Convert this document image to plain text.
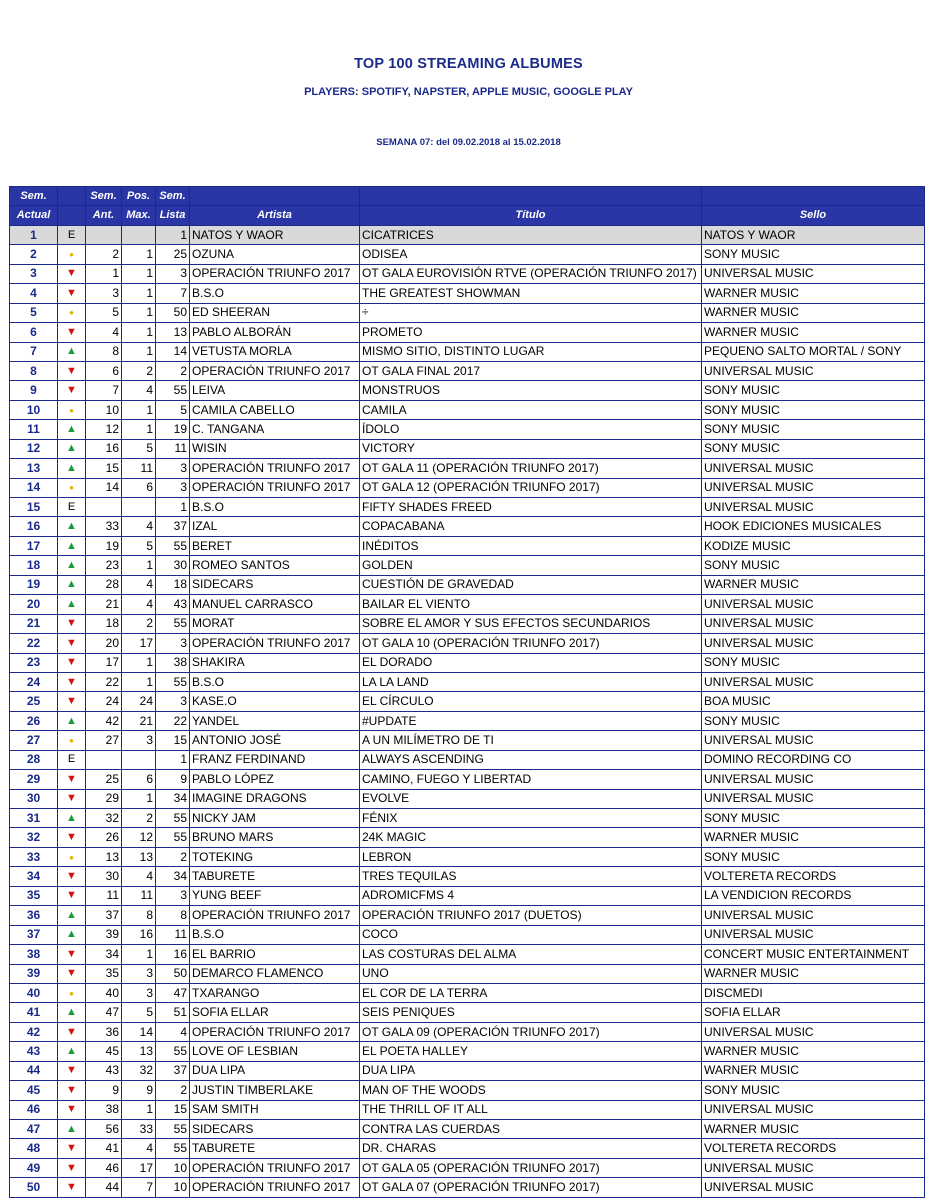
TOP 100 STREAMING ALBUMES
PLAYERS: SPOTIFY, NAPSTER, APPLE MUSIC, GOOGLE PLAY
SEMANA 07: del 09.02.2018 al 15.02.2018
Sem.		Sem.	Pos.	Sem.			
Actual		Ant.	Max.	Lista	Artista	Título	Sello
1	E			1	NATOS Y WAOR	CICATRICES	NATOS Y WAOR
2	●	2	1	25	OZUNA	ODISEA	SONY MUSIC
3	▼	1	1	3	OPERACIÓN TRIUNFO 2017	OT GALA EUROVISIÓN RTVE (OPERACIÓN TRIUNFO 2017)	UNIVERSAL MUSIC
4	▼	3	1	7	B.S.O	THE GREATEST SHOWMAN	WARNER MUSIC
5	●	5	1	50	ED SHEERAN	÷	WARNER MUSIC
6	▼	4	1	13	PABLO ALBORÁN	PROMETO	WARNER MUSIC
7	▲	8	1	14	VETUSTA MORLA	MISMO SITIO, DISTINTO LUGAR	PEQUENO SALTO MORTAL / SONY
8	▼	6	2	2	OPERACIÓN TRIUNFO 2017	OT GALA FINAL 2017	UNIVERSAL MUSIC
9	▼	7	4	55	LEIVA	MONSTRUOS	SONY MUSIC
10	●	10	1	5	CAMILA CABELLO	CAMILA	SONY MUSIC
11	▲	12	1	19	C. TANGANA	ÍDOLO	SONY MUSIC
12	▲	16	5	11	WISIN	VICTORY	SONY MUSIC
13	▲	15	11	3	OPERACIÓN TRIUNFO 2017	OT GALA 11 (OPERACIÓN TRIUNFO 2017)	UNIVERSAL MUSIC
14	●	14	6	3	OPERACIÓN TRIUNFO 2017	OT GALA 12 (OPERACIÓN TRIUNFO 2017)	UNIVERSAL MUSIC
15	E			1	B.S.O	FIFTY SHADES FREED	UNIVERSAL MUSIC
16	▲	33	4	37	IZAL	COPACABANA	HOOK EDICIONES MUSICALES
17	▲	19	5	55	BERET	INÉDITOS	KODIZE MUSIC
18	▲	23	1	30	ROMEO SANTOS	GOLDEN	SONY MUSIC
19	▲	28	4	18	SIDECARS	CUESTIÓN DE GRAVEDAD	WARNER MUSIC
20	▲	21	4	43	MANUEL CARRASCO	BAILAR EL VIENTO	UNIVERSAL MUSIC
21	▼	18	2	55	MORAT	SOBRE EL AMOR Y SUS EFECTOS SECUNDARIOS	UNIVERSAL MUSIC
22	▼	20	17	3	OPERACIÓN TRIUNFO 2017	OT GALA 10 (OPERACIÓN TRIUNFO 2017)	UNIVERSAL MUSIC
23	▼	17	1	38	SHAKIRA	EL DORADO	SONY MUSIC
24	▼	22	1	55	B.S.O	LA LA LAND	UNIVERSAL MUSIC
25	▼	24	24	3	KASE.O	EL CÍRCULO	BOA MUSIC
26	▲	42	21	22	YANDEL	#UPDATE	SONY MUSIC
27	●	27	3	15	ANTONIO JOSÉ	A UN MILÍMETRO DE TI	UNIVERSAL MUSIC
28	E			1	FRANZ FERDINAND	ALWAYS ASCENDING	DOMINO RECORDING CO
29	▼	25	6	9	PABLO LÓPEZ	CAMINO, FUEGO Y LIBERTAD	UNIVERSAL MUSIC
30	▼	29	1	34	IMAGINE DRAGONS	EVOLVE	UNIVERSAL MUSIC
31	▲	32	2	55	NICKY JAM	FÉNIX	SONY MUSIC
32	▼	26	12	55	BRUNO MARS	24K MAGIC	WARNER MUSIC
33	●	13	13	2	TOTEKING	LEBRON	SONY MUSIC
34	▼	30	4	34	TABURETE	TRES TEQUILAS	VOLTERETA RECORDS
35	▼	11	11	3	YUNG BEEF	ADROMICFMS 4	LA VENDICION RECORDS
36	▲	37	8	8	OPERACIÓN TRIUNFO 2017	OPERACIÓN TRIUNFO 2017 (DUETOS)	UNIVERSAL MUSIC
37	▲	39	16	11	B.S.O	COCO	UNIVERSAL MUSIC
38	▼	34	1	16	EL BARRIO	LAS COSTURAS DEL ALMA	CONCERT MUSIC ENTERTAINMENT
39	▼	35	3	50	DEMARCO FLAMENCO	UNO	WARNER MUSIC
40	●	40	3	47	TXARANGO	EL COR DE LA TERRA	DISCMEDI
41	▲	47	5	51	SOFIA ELLAR	SEIS PENIQUES	SOFIA ELLAR
42	▼	36	14	4	OPERACIÓN TRIUNFO 2017	OT GALA 09 (OPERACIÓN TRIUNFO 2017)	UNIVERSAL MUSIC
43	▲	45	13	55	LOVE OF LESBIAN	EL POETA HALLEY	WARNER MUSIC
44	▼	43	32	37	DUA LIPA	DUA LIPA	WARNER MUSIC
45	▼	9	9	2	JUSTIN TIMBERLAKE	MAN OF THE WOODS	SONY MUSIC
46	▼	38	1	15	SAM SMITH	THE THRILL OF IT ALL	UNIVERSAL MUSIC
47	▲	56	33	55	SIDECARS	CONTRA LAS CUERDAS	WARNER MUSIC
48	▼	41	4	55	TABURETE	DR. CHARAS	VOLTERETA RECORDS
49	▼	46	17	10	OPERACIÓN TRIUNFO 2017	OT GALA 05 (OPERACIÓN TRIUNFO 2017)	UNIVERSAL MUSIC
50	▼	44	7	10	OPERACIÓN TRIUNFO 2017	OT GALA 07 (OPERACIÓN TRIUNFO 2017)	UNIVERSAL MUSIC
